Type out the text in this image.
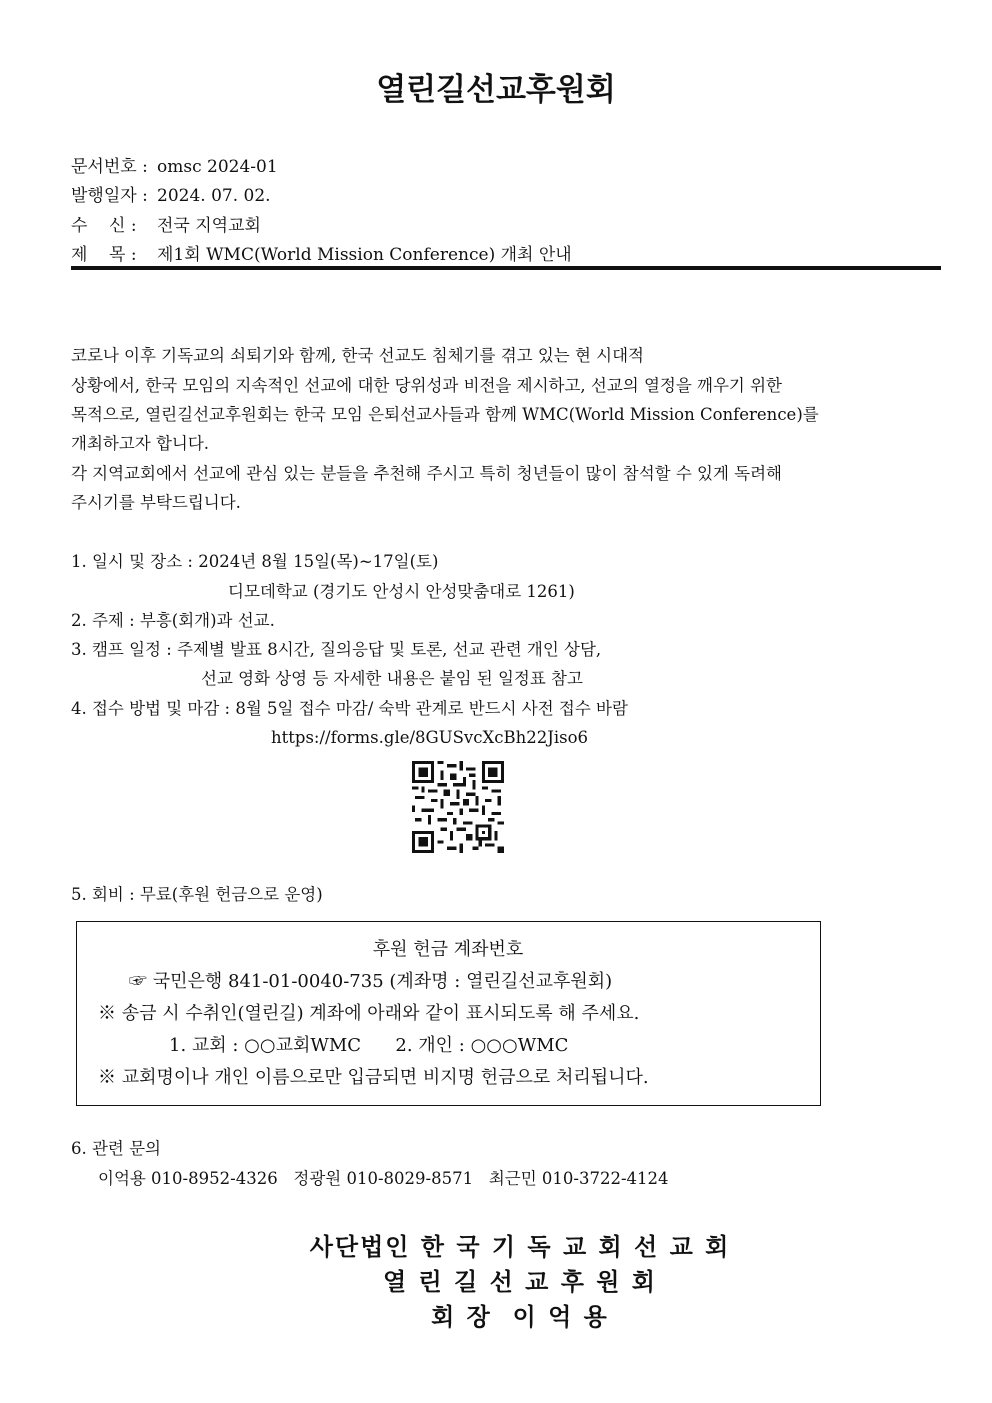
열린길선교후원회
문서번호 : omsc 2024-01
발행일자 : 2024. 07. 02.
수    신 : 전국 지역교회
제    목 : 제1회 WMC(World Mission Conference) 개최 안내
코로나 이후 기독교의 쇠퇴기와 함께, 한국 선교도 침체기를 겪고 있는 현 시대적
상황에서, 한국 모임의 지속적인 선교에 대한 당위성과 비전을 제시하고, 선교의 열정을 깨우기 위한
목적으로, 열린길선교후원회는 한국 모임 은퇴선교사들과 함께 WMC(World Mission Conference)를
개최하고자 합니다.
각 지역교회에서 선교에 관심 있는 분들을 추천해 주시고 특히 청년들이 많이 참석할 수 있게 독려해
주시기를 부탁드립니다.
1. 일시 및 장소 : 2024년 8월 15일(목)~17일(토)
디모데학교 (경기도 안성시 안성맞춤대로 1261)
2. 주제 : 부흥(회개)과 선교.
3. 캠프 일정 : 주제별 발표 8시간, 질의응답 및 토론, 선교 관련 개인 상담,
선교 영화 상영 등 자세한 내용은 붙임 된 일정표 참고
4. 접수 방법 및 마감 : 8월 5일 접수 마감/ 숙박 관계로 반드시 사전 접수 바람
https://forms.gle/8GUSvcXcBh22Jiso6
5. 회비 : 무료(후원 헌금으로 운영)
후원 헌금 계좌번호
☞ 국민은행 841-01-0040-735 (계좌명 : 열린길선교후원회)
※ 송금 시 수취인(열린길) 계좌에 아래와 같이 표시되도록 해 주세요.
1. 교회 : ○○교회WMC      2. 개인 : ○○○WMC
※ 교회명이나 개인 이름으로만 입금되면 비지명 헌금으로 처리됩니다.
6. 관련 문의
이억용 010-8952-4326   정광원 010-8029-8571   최근민 010-3722-4124
사단법인 한 국 기 독 교 회 선 교 회
열 린 길 선 교 후 원 회
회 장  이 억 용
